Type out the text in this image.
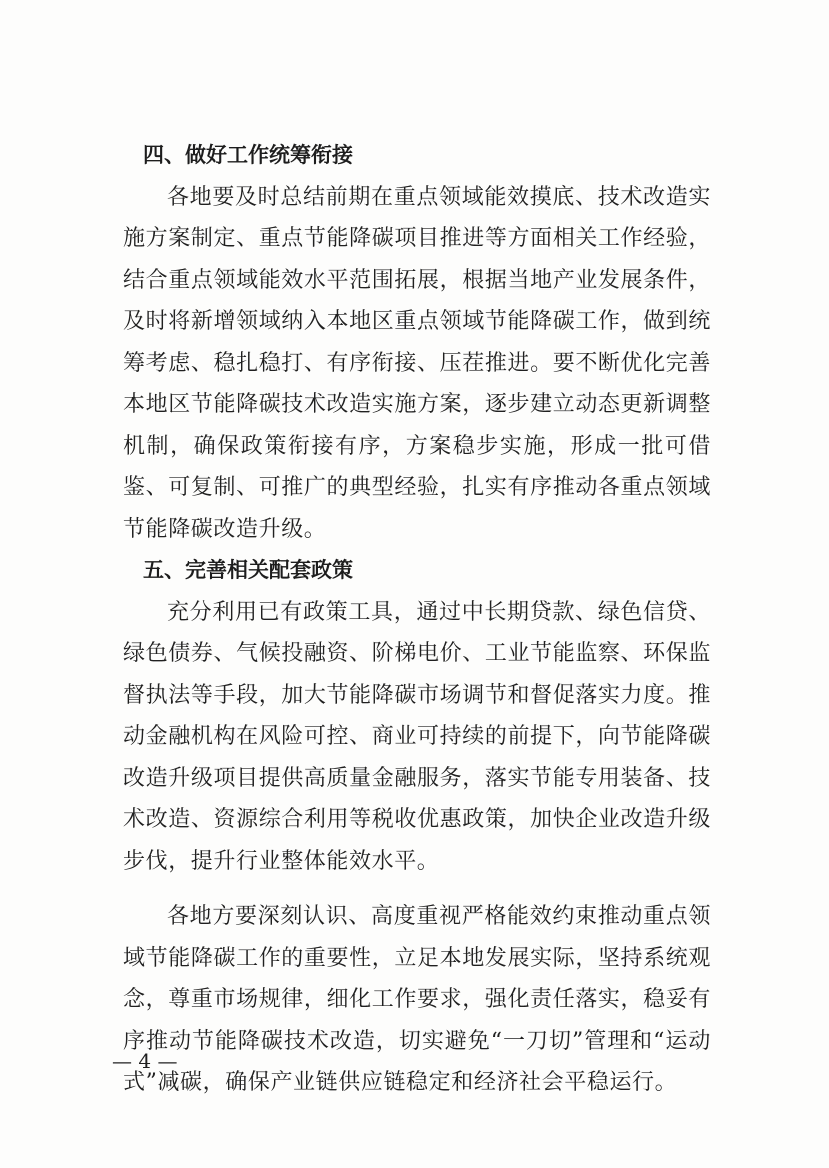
四、做好工作统筹衔接

各地要及时总结前期在重点领域能效摸底、技术改造实施方案制定、重点节能降碳项目推进等方面相关工作经验，结合重点领域能效水平范围拓展，根据当地产业发展条件，及时将新增领域纳入本地区重点领域节能降碳工作，做到统筹考虑、稳扎稳打、有序衔接、压茬推进。要不断优化完善本地区节能降碳技术改造实施方案，逐步建立动态更新调整机制，确保政策衔接有序，方案稳步实施，形成一批可借鉴、可复制、可推广的典型经验，扎实有序推动各重点领域节能降碳改造升级。

五、完善相关配套政策

充分利用已有政策工具，通过中长期贷款、绿色信贷、绿色债券、气候投融资、阶梯电价、工业节能监察、环保监督执法等手段，加大节能降碳市场调节和督促落实力度。推动金融机构在风险可控、商业可持续的前提下，向节能降碳改造升级项目提供高质量金融服务，落实节能专用装备、技术改造、资源综合利用等税收优惠政策，加快企业改造升级步伐，提升行业整体能效水平。

各地方要深刻认识、高度重视严格能效约束推动重点领域节能降碳工作的重要性，立足本地发展实际，坚持系统观念，尊重市场规律，细化工作要求，强化责任落实，稳妥有序推动节能降碳技术改造，切实避免“一刀切”管理和“运动式”减碳，确保产业链供应链稳定和经济社会平稳运行。

— 4 —
